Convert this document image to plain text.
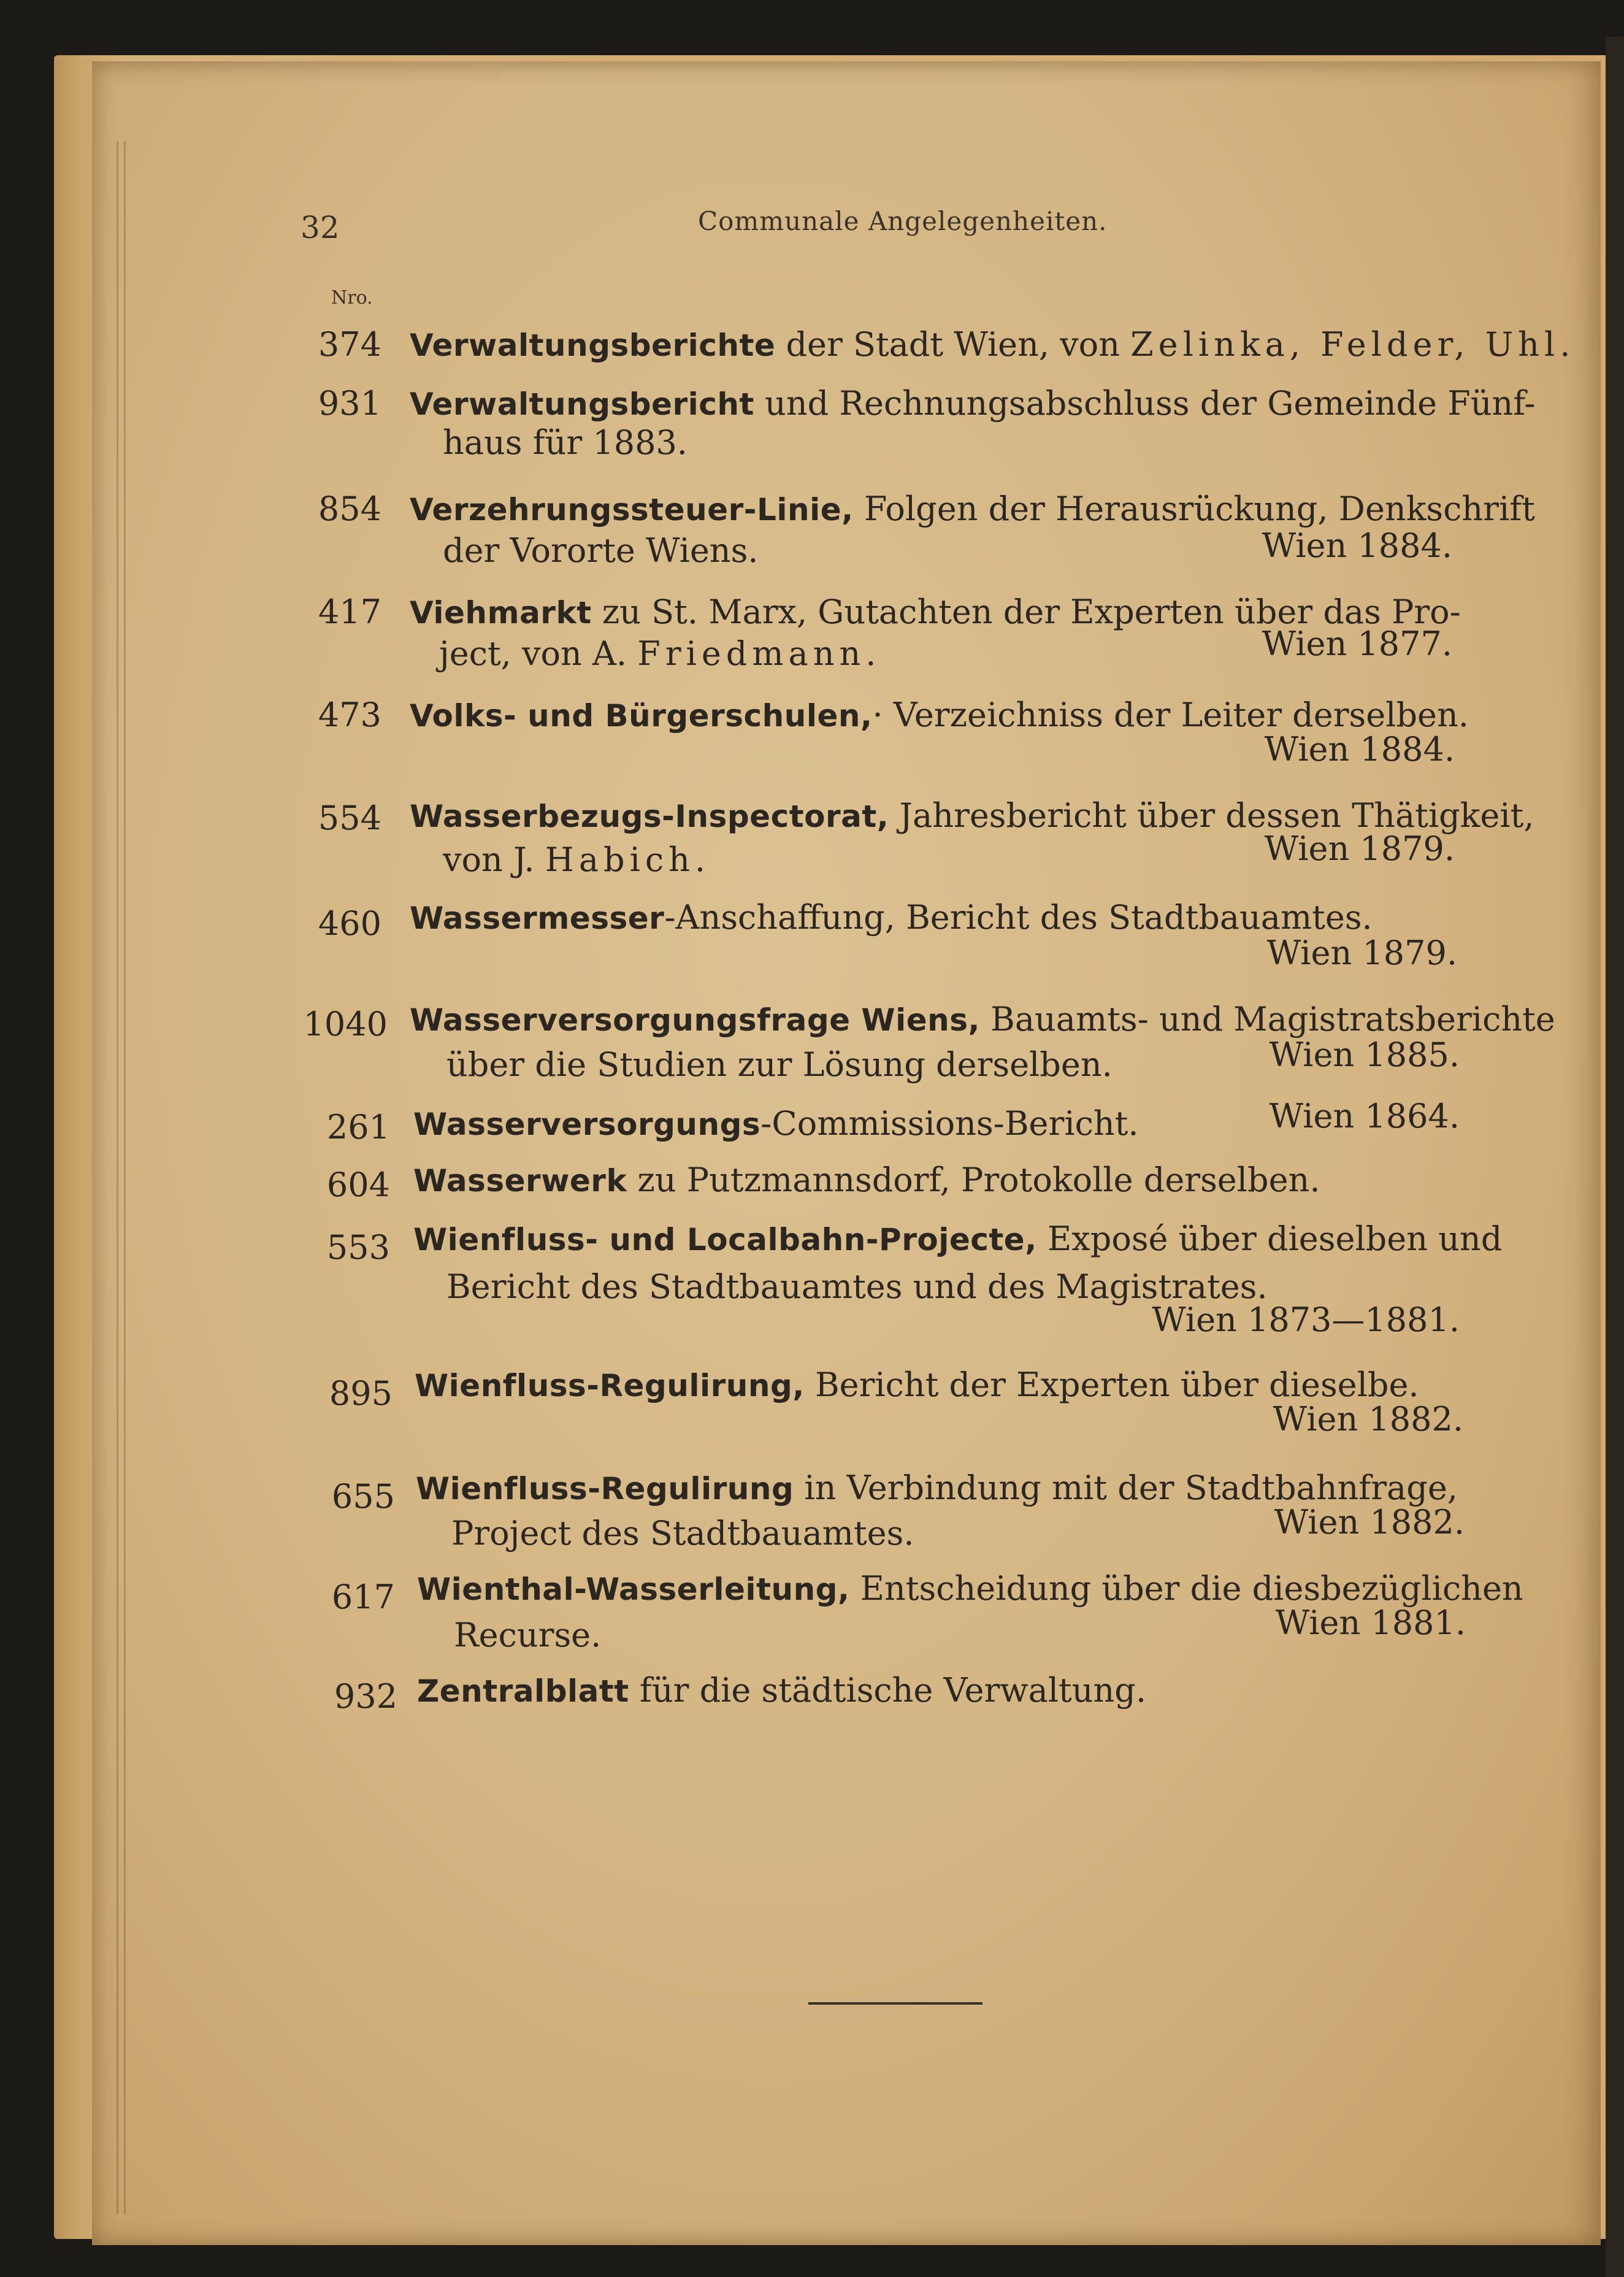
32	Communale Angelegenheiten.
Nro.
374 Verwaltungsberichte der Stadt Wien, von Zelinka, Felder, Uhl.
931 Verwaltungsbericht und Rechnungsabschluss der Gemeinde Fünf-
haus für 1883.
854 Verzehrungssteuer-Linie, Folgen der Herausrückung, Denkschrift
der Vororte Wiens.	Wien 1884.
417 Viehmarkt zu St. Marx, Gutachten der Experten über das Pro-
ject, von A. Friedmann.	Wien 1877.
473 Volks- und Bürgerschulen,· Verzeichniss der Leiter derselben.
Wien 1884.
554 Wasserbezugs-Inspectorat, Jahresbericht über dessen Thätigkeit,
von J. Habich.	Wien 1879.
460 Wassermesser-Anschaffung, Bericht des Stadtbauamtes.
Wien 1879.
1040 Wasserversorgungsfrage Wiens, Bauamts- und Magistratsberichte
über die Studien zur Lösung derselben.	Wien 1885.
261 Wasserversorgungs-Commissions-Bericht.	Wien 1864.
604 Wasserwerk zu Putzmannsdorf, Protokolle derselben.
553 Wienfluss- und Localbahn-Projecte, Exposé über dieselben und
Bericht des Stadtbauamtes und des Magistrates.
Wien 1873—1881.
895 Wienfluss-Regulirung, Bericht der Experten über dieselbe.
Wien 1882.
655 Wienfluss-Regulirung in Verbindung mit der Stadtbahnfrage,
Project des Stadtbauamtes.	Wien 1882.
617 Wienthal-Wasserleitung, Entscheidung über die diesbezüglichen
Recurse.	Wien 1881.
932 Zentralblatt für die städtische Verwaltung.
